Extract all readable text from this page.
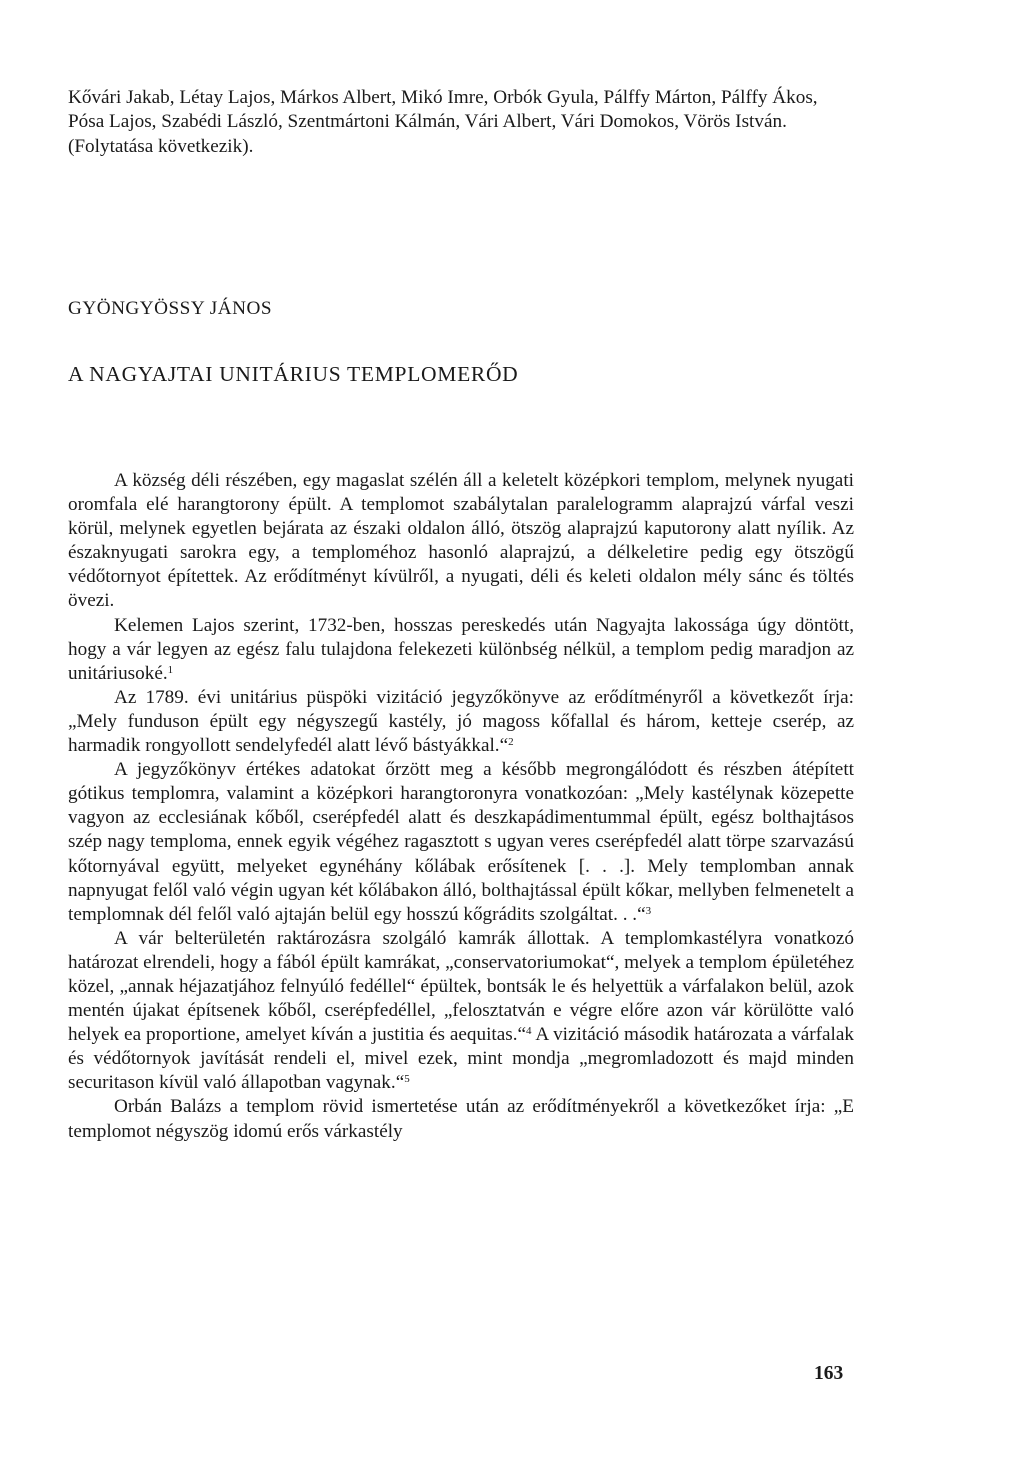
Kővári Jakab, Létay Lajos, Márkos Albert, Mikó Imre, Orbók Gyula, Pálffy Márton, Pálffy Ákos, Pósa Lajos, Szabédi László, Szentmártoni Kálmán, Vári Albert, Vári Domokos, Vörös István.

(Folytatása következik).

GYÖNGYÖSSY JÁNOS
A NAGYAJTAI UNITÁRIUS TEMPLOMERŐD

A község déli részében, egy magaslat szélén áll a keletelt középkori templom, melynek nyugati oromfala elé harangtorony épült. A templomot szabálytalan paralelogramm alaprajzú várfal veszi körül, melynek egyetlen bejárata az északi oldalon álló, ötszög alaprajzú kaputorony alatt nyílik. Az északnyugati sarokra egy, a temploméhoz hasonló alaprajzú, a délkeletire pedig egy ötszögű védőtornyot építettek. Az erődítményt kívülről, a nyugati, déli és keleti oldalon mély sánc és töltés övezi.

Kelemen Lajos szerint, 1732-ben, hosszas pereskedés után Nagyajta lakossága úgy döntött, hogy a vár legyen az egész falu tulajdona felekezeti különbség nélkül, a templom pedig maradjon az unitáriusoké.$^1$

Az 1789. évi unitárius püspöki vizitáció jegyzőkönyve az erődítményről a következőt írja: „Mely funduson épült egy négyszegű kastély, jó magoss kőfallal és három, ketteje cserép, az harmadik rongyollott sendelyfedél alatt lévő bástyákkal.“$^2$

A jegyzőkönyv értékes adatokat őrzött meg a később megrongálódott és részben átépített gótikus templomra, valamint a középkori harangtoronyra vonatkozóan: „Mely kastélynak közepette vagyon az ecclesiának kőből, cserépfedél alatt és deszkapádimentummal épült, egész bolthajtásos szép nagy temploma, ennek egyik végéhez ragasztott s ugyan veres cserépfedél alatt törpe szarvazású kőtornyával együtt, melyeket egynéhány kőlábak erősítenek [. . .]. Mely templomban annak napnyugat felől való végin ugyan két kőlábakon álló, bolthajtással épült kőkar, mellyben felmenetelt a templomnak dél felől való ajtaján belül egy hosszú kőgrádits szolgáltat. . .“$^3$

A vár belterületén raktározásra szolgáló kamrák állottak. A templomkastélyra vonatkozó határozat elrendeli, hogy a fából épült kamrákat, „conservatoriumokat“, melyek a templom épületéhez közel, „annak héjazatjához felnyúló fedéllel“ épültek, bontsák le és helyettük a várfalakon belül, azok mentén újakat építsenek kőből, cserépfedéllel, „felosztatván e végre előre azon vár körülötte való helyek ea proportione, amelyet kíván a justitia és aequitas.“$^4$ A vizitáció második határozata a várfalak és védőtornyok javítását rendeli el, mivel ezek, mint mondja „megromladozott és majd minden securitason kívül való állapotban vagynak.“$^5$

Orbán Balázs a templom rövid ismertetése után az erődítményekről a következőket írja: „E templomot négyszög idomú erős várkastély

163
